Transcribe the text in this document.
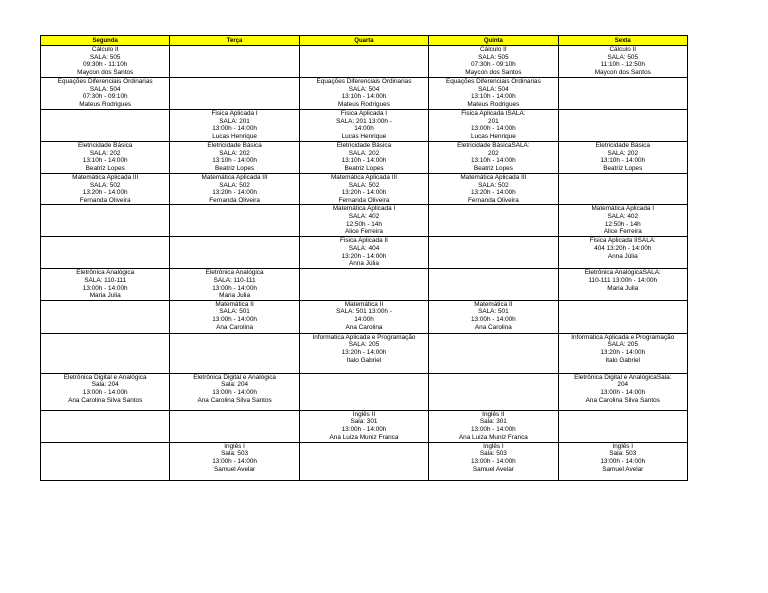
Segunda	Terça	Quarta	Quinta	Sexta

Cálculo II
SALA: 505
09:30h - 11:10h
Maycon dos Santos			Cálculo II
SALA: 505
07:30h - 09:10h
Maycon dos Santos	Cálculo II
SALA: 505
11:10h - 12:50h
Maycon dos Santos

Equações Diferenciais Ordinarias
SALA: 504
07:30h - 09:10h
Mateus Rodrigues		Equações Diferenciais Ordinarias
SALA: 504
13:10h - 14:00h
Mateus Rodrigues	Equações Diferenciais Ordinarias
SALA: 504
13:10h - 14:00h
Mateus Rodrigues	

	Fisica Aplicada I
SALA: 201
13:00h - 14:00h
Lucas Henrique	Fisica Aplicada I
SALA: 201 13:00h -
14:00h
Lucas Henrique	Fisica Aplicada ISALA:
201
13:00h - 14:00h
Lucas Henrique	

Eletricidade Básica
SALA: 202
13:10h - 14:00h
Beatriz Lopes	Eletricidade Básica
SALA: 202
13:10h - 14:00h
Beatriz Lopes	Eletricidade Básica
SALA: 202
13:10h - 14:00h
Beatriz Lopes	Eletricidade BásicaSALA:
202
13:10h - 14:00h
Beatriz Lopes	Eletricidade Básica
SALA: 202
13:10h - 14:00h
Beatriz Lopes

Matemática Aplicada III
SALA: 502
13:20h - 14:00h
Fernanda Oliveira	Matemática Aplicada III
SALA: 502
13:20h - 14:00h
Fernanda Oliveira	Matemática Aplicada III
SALA: 502
13:20h - 14:00h
Fernanda Oliveira	Matemática Aplicada III
SALA: 502
13:20h - 14:00h
Fernanda Oliveira	

		Matemática Aplicada I
SALA: 402
12:50h - 14h
Alice Ferreira		Matemática Aplicada I
SALA: 402
12:50h - 14h
Alice Ferreira

		Fisica Aplicada II
SALA: 404
13:20h - 14:00h
Anna Júlia		Fisica Aplicada IISALA:
404 13:20h - 14:00h
Anna Júlia

Eletrônica Analógica
SALA: 110-111
13:00h - 14:00h
Maria Julia	Eletrônica Analógica
SALA: 110-111
13:00h - 14:00h
Maria Julia			Eletrônica AnalógicaSALA:
110-111 13:00h - 14:00h
Maria Julia

	Matemática II
SALA: 501
13:00h - 14:00h
Ana Carolina	Matemática II
SALA: 501 13:00h -
14:00h
Ana Carolina	Matemática II
SALA: 501
13:00h - 14:00h
Ana Carolina	

		Informatica Aplicada e Programação
SALA: 205
13:20h - 14:00h
Italo Gabriel		Informatica Aplicada e Programação
SALA: 205
13:20h - 14:00h
Italo Gabriel

Eletrônica Digital e Analógica
Sala: 204
13:00h - 14:00h
Ana Carolina Silva Santos	Eletrônica Digital e Analógica
Sala: 204
13:00h - 14:00h
Ana Carolina Silva Santos			Eletrônica Digital e AnalógicaSala:
204
13:00h - 14:00h
Ana Carolina Silva Santos

		Inglês II
Sala: 301
13:00h - 14:00h
Ana Luiza Muniz Franca	Inglês II
Sala: 301
13:00h - 14:00h
Ana Luiza Muniz Franca	

	Inglês I
Sala: 503
13:00h - 14:00h
Samuel Avelar		Inglês I
Sala: 503
13:00h - 14:00h
Samuel Avelar	Inglês I
Sala: 503
13:00h - 14:00h
Samuel Avelar
